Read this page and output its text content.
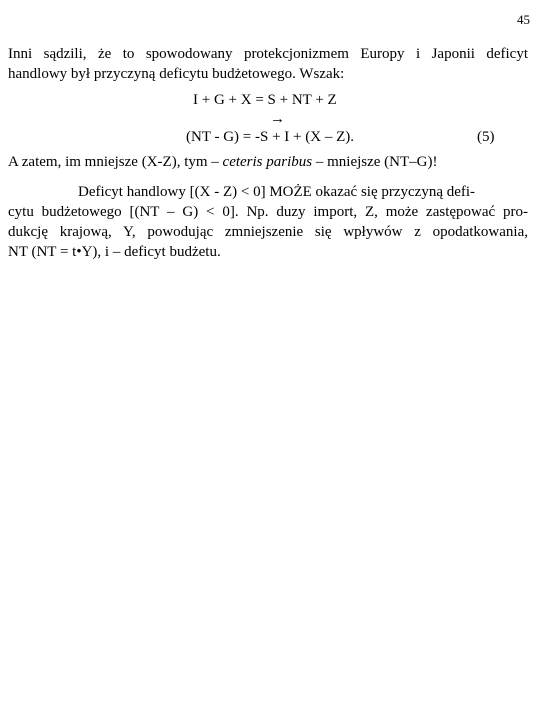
45
Inni sądzili, że to spowodowany protekcjonizmem Europy i Japonii deficyt
handlowy był przyczyną deficytu budżetowego. Wszak:
I + G + X = S + NT + Z
→
(NT - G) = -S + I + (X – Z).	(5)
A zatem, im mniejsze (X-Z), tym – ceteris paribus – mniejsze (NT–G)!
Deficyt handlowy [(X - Z) < 0] MOŻE okazać się przyczyną defi-
cytu budżetowego [(NT – G) < 0]. Np. duzy import, Z, może zastępować pro-
dukcję krajową, Y, powodując zmniejszenie się wpływów z opodatkowania,
NT (NT = t•Y), i – deficyt budżetu.
